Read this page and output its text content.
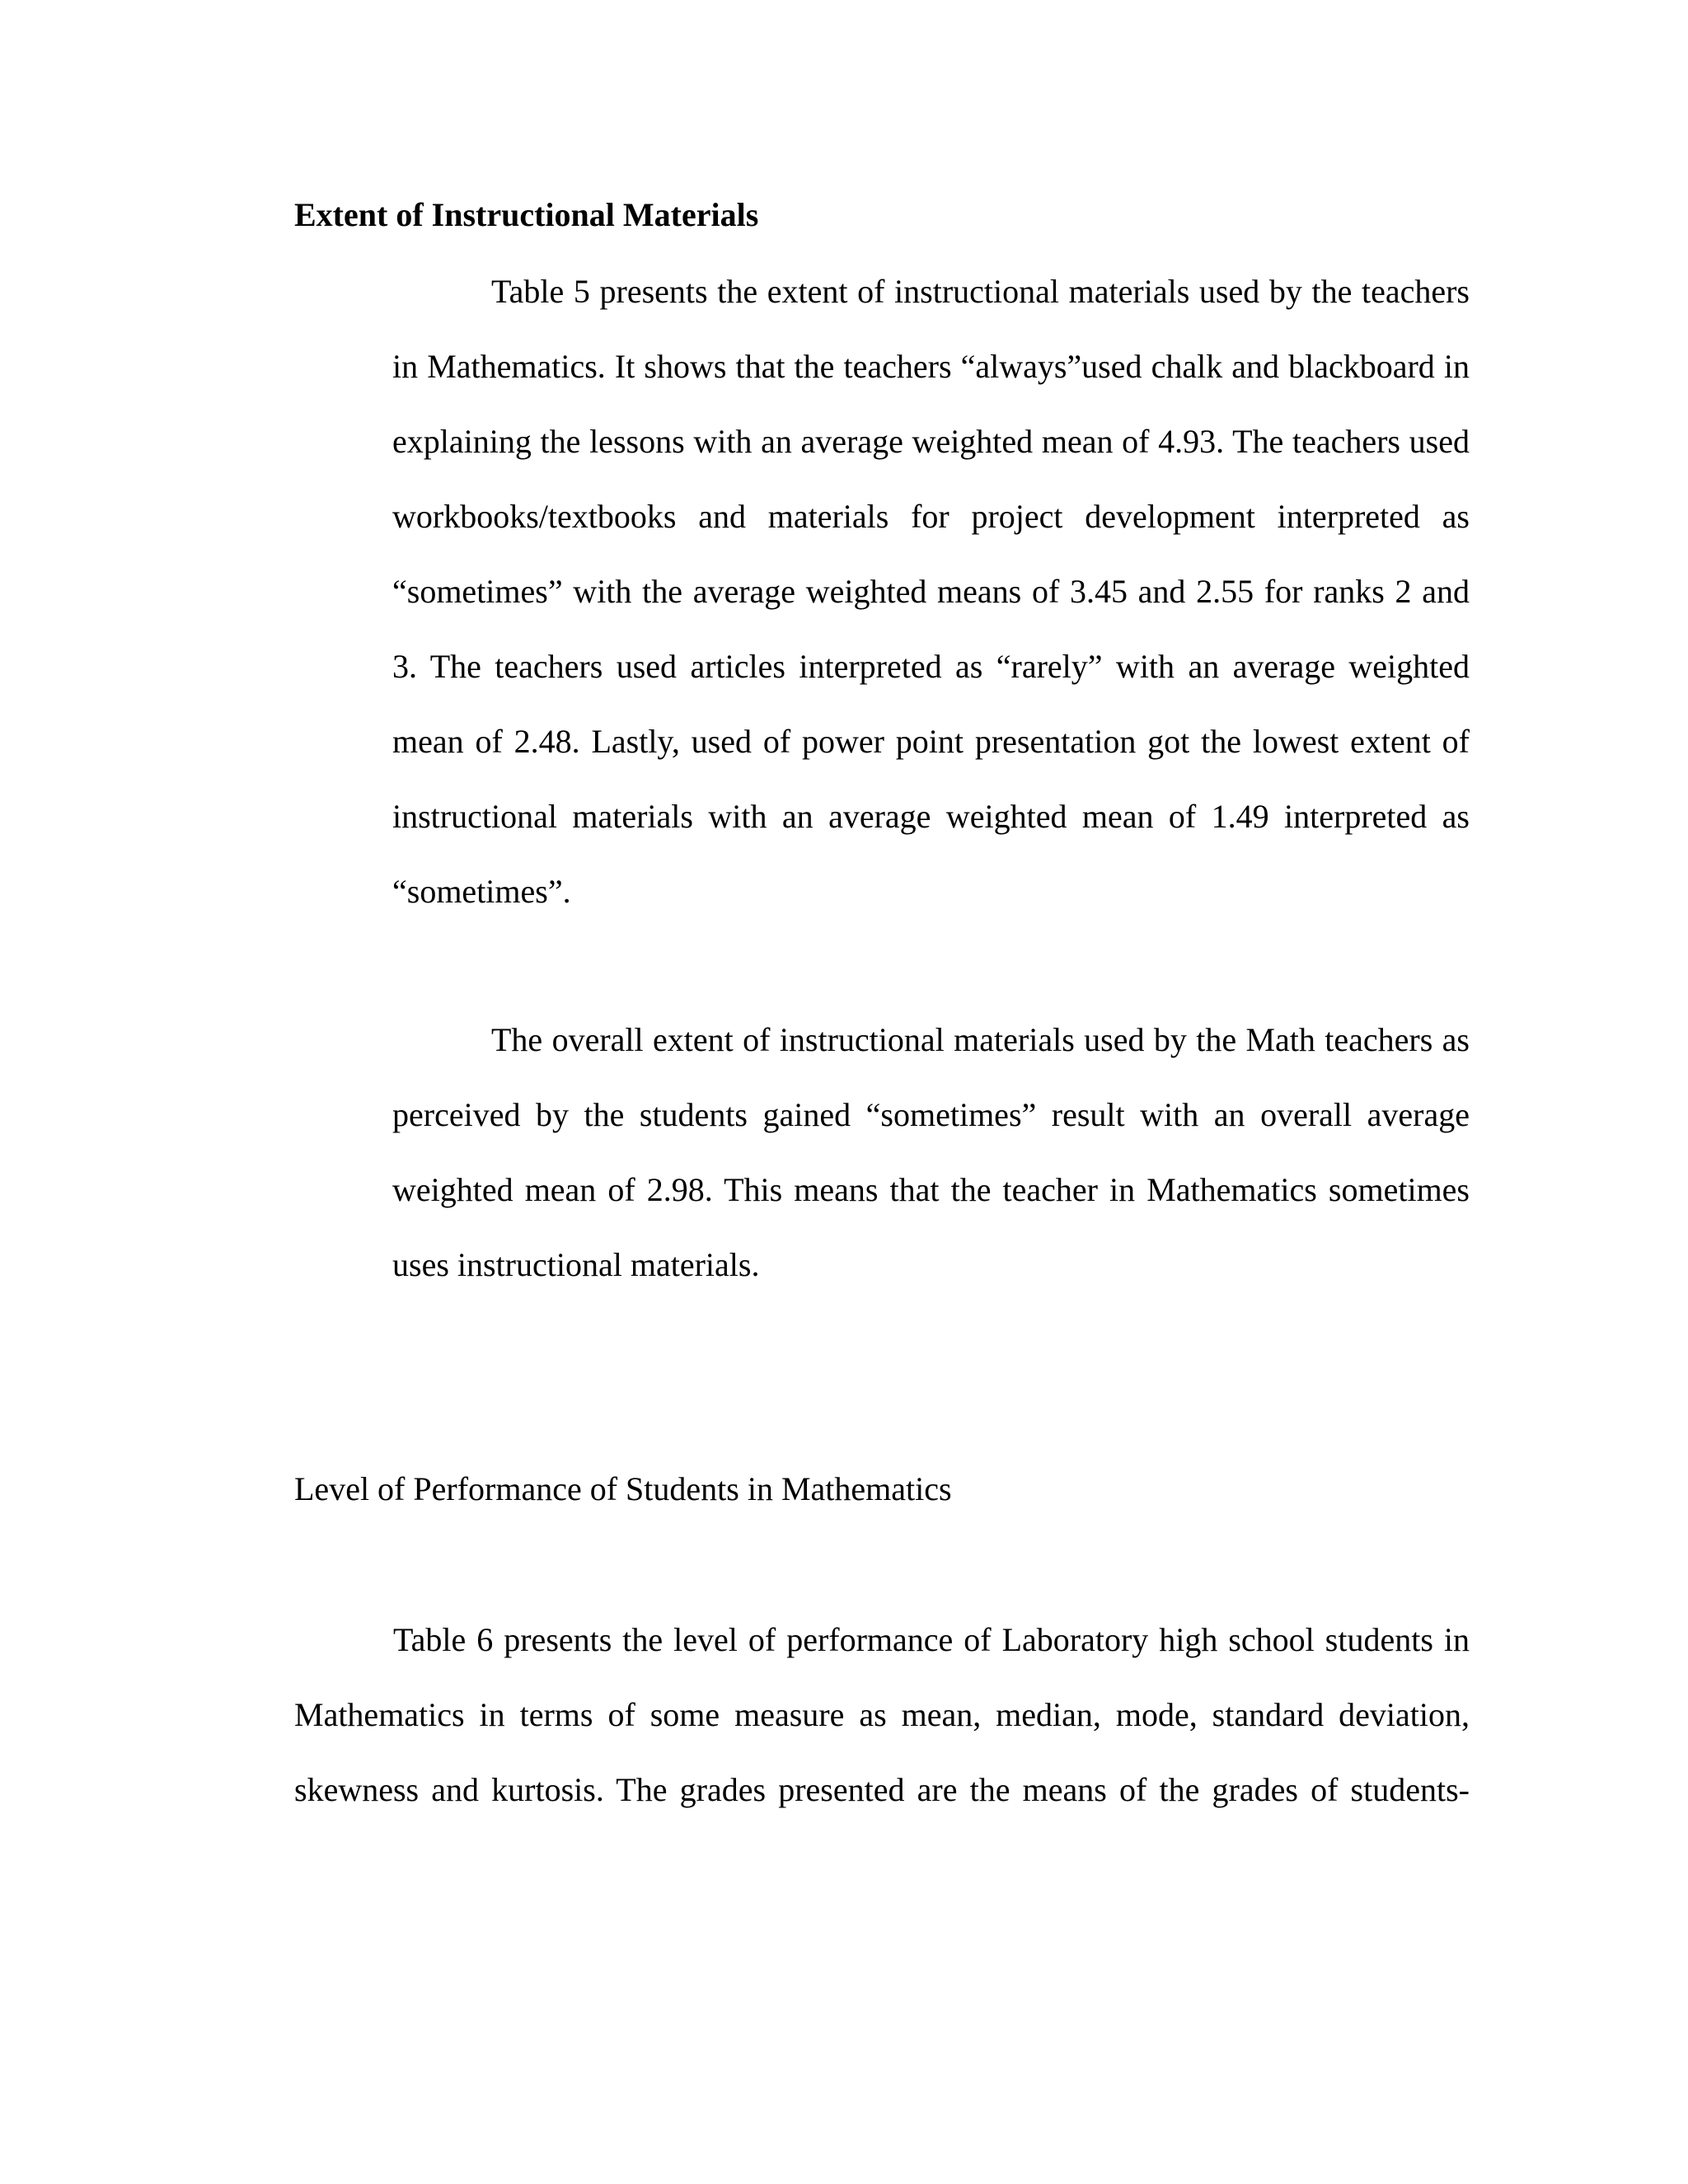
Extent of Instructional Materials

Table 5 presents the extent of instructional materials used by the teachers in Mathematics. It shows that the teachers “always”used chalk and blackboard in explaining the lessons with an average weighted mean of 4.93. The teachers used workbooks/textbooks and materials for project development interpreted as “sometimes” with the average weighted means of 3.45 and 2.55 for ranks 2 and 3. The teachers used articles interpreted as “rarely” with an average weighted mean of 2.48. Lastly, used of power point presentation got the lowest extent of instructional materials with an average weighted mean of 1.49 interpreted as “sometimes”.

The overall extent of instructional materials used by the Math teachers as perceived by the students gained “sometimes” result with an overall average weighted mean of 2.98. This means that the teacher in Mathematics sometimes uses instructional materials.

Level of Performance of Students in Mathematics

Table 6 presents the level of performance of Laboratory high school students in Mathematics in terms of some measure as mean, median, mode, standard deviation, skewness and kurtosis. The grades presented are the means of the grades of students-
